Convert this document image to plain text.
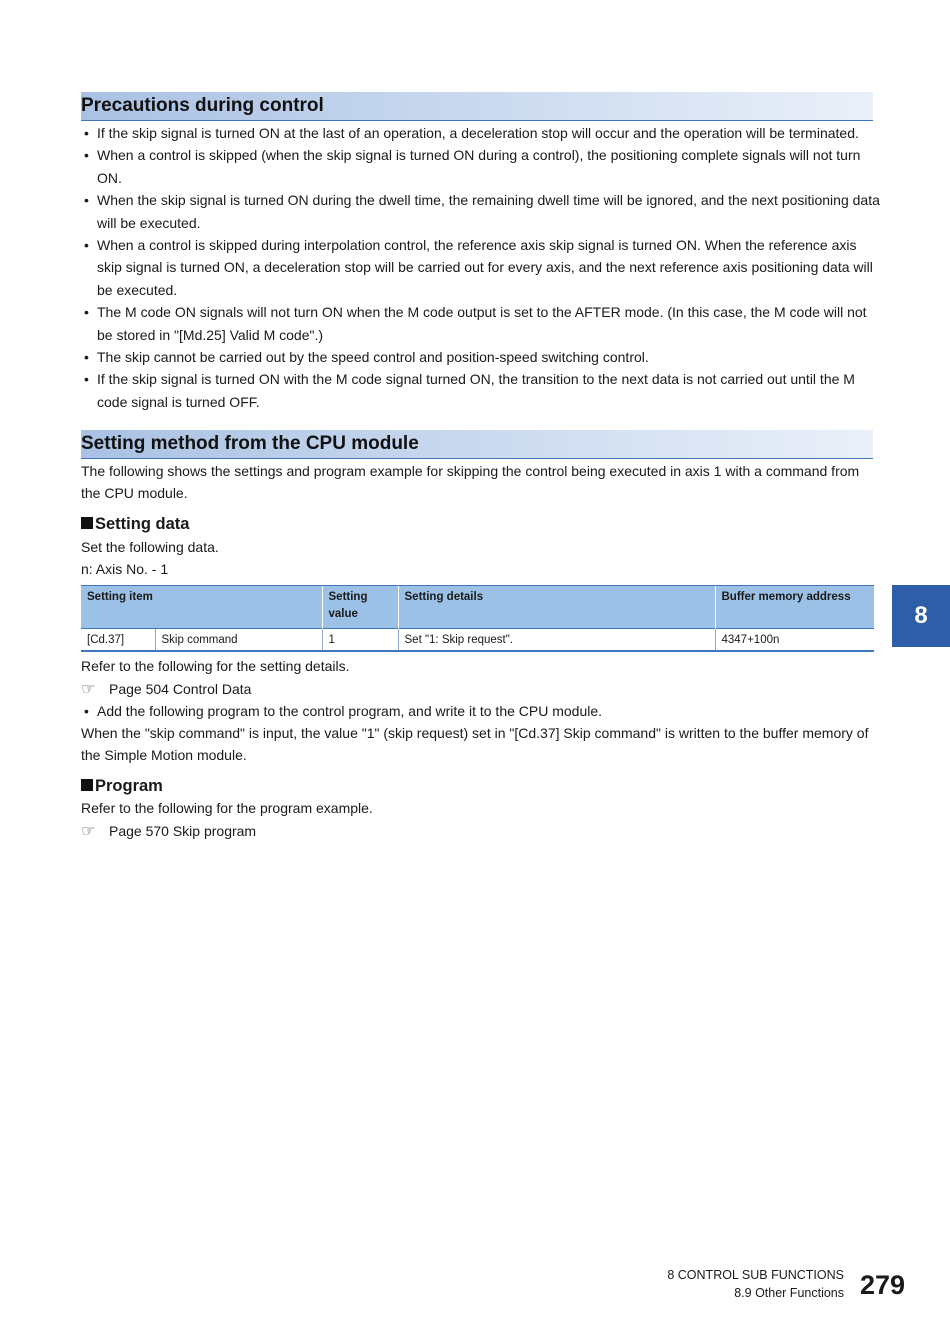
Precautions during control
• If the skip signal is turned ON at the last of an operation, a deceleration stop will occur and the operation will be terminated.
• When a control is skipped (when the skip signal is turned ON during a control), the positioning complete signals will not turn ON.
• When the skip signal is turned ON during the dwell time, the remaining dwell time will be ignored, and the next positioning data will be executed.
• When a control is skipped during interpolation control, the reference axis skip signal is turned ON. When the reference axis skip signal is turned ON, a deceleration stop will be carried out for every axis, and the next reference axis positioning data will be executed.
• The M code ON signals will not turn ON when the M code output is set to the AFTER mode. (In this case, the M code will not be stored in "[Md.25] Valid M code".)
• The skip cannot be carried out by the speed control and position-speed switching control.
• If the skip signal is turned ON with the M code signal turned ON, the transition to the next data is not carried out until the M code signal is turned OFF.
Setting method from the CPU module

The following shows the settings and program example for skipping the control being executed in axis 1 with a command from the CPU module.

Setting data

Set the following data.

n: Axis No. - 1

Setting item		Setting value	Setting details	Buffer memory address
[Cd.37]	Skip command	1	Set "1: Skip request".	4347+100n

Refer to the following for the setting details.

☞ Page 504 Control Data
• Add the following program to the control program, and write it to the CPU module.

When the "skip command" is input, the value "1" (skip request) set in "[Cd.37] Skip command" is written to the buffer memory of the Simple Motion module.

Program

Refer to the following for the program example.

☞ Page 570 Skip program
8
8 CONTROL SUB FUNCTIONS
8.9 Other Functions 279
